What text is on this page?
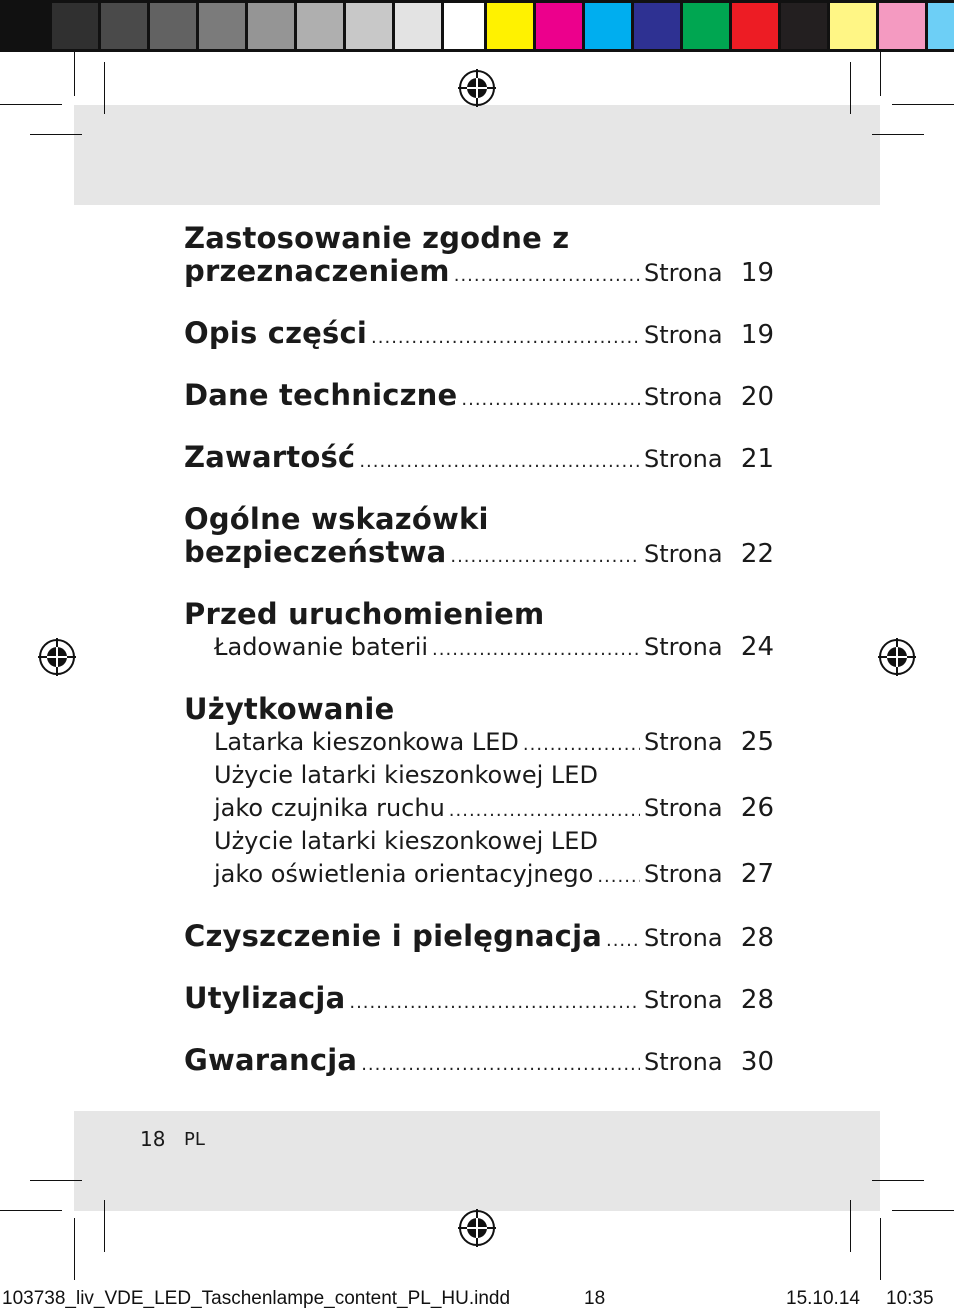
Zastosowanie zgodne z
przeznaczeniem .....	Strona 19
Opis części .....	Strona 19
Dane techniczne .....	Strona 20
Zawartość .....	Strona 21
Ogólne wskazówki
bezpieczeństwa .....	Strona 22
Przed uruchomieniem
Ładowanie baterii .....	Strona 24
Użytkowanie
Latarka kieszonkowa LED .....	Strona 25
Użycie latarki kieszonkowej LED
jako czujnika ruchu .....	Strona 26
Użycie latarki kieszonkowej LED
jako oświetlenia orientacyjnego ..... Strona 27
Czyszczenie i pielęgnacja ..... Strona 28
Utylizacja .....	Strona 28
Gwarancja .....	Strona 30
18 PL
103738_liv_VDE_LED_Taschenlampe_content_PL_HU.indd	18	15.10.14 10:35
